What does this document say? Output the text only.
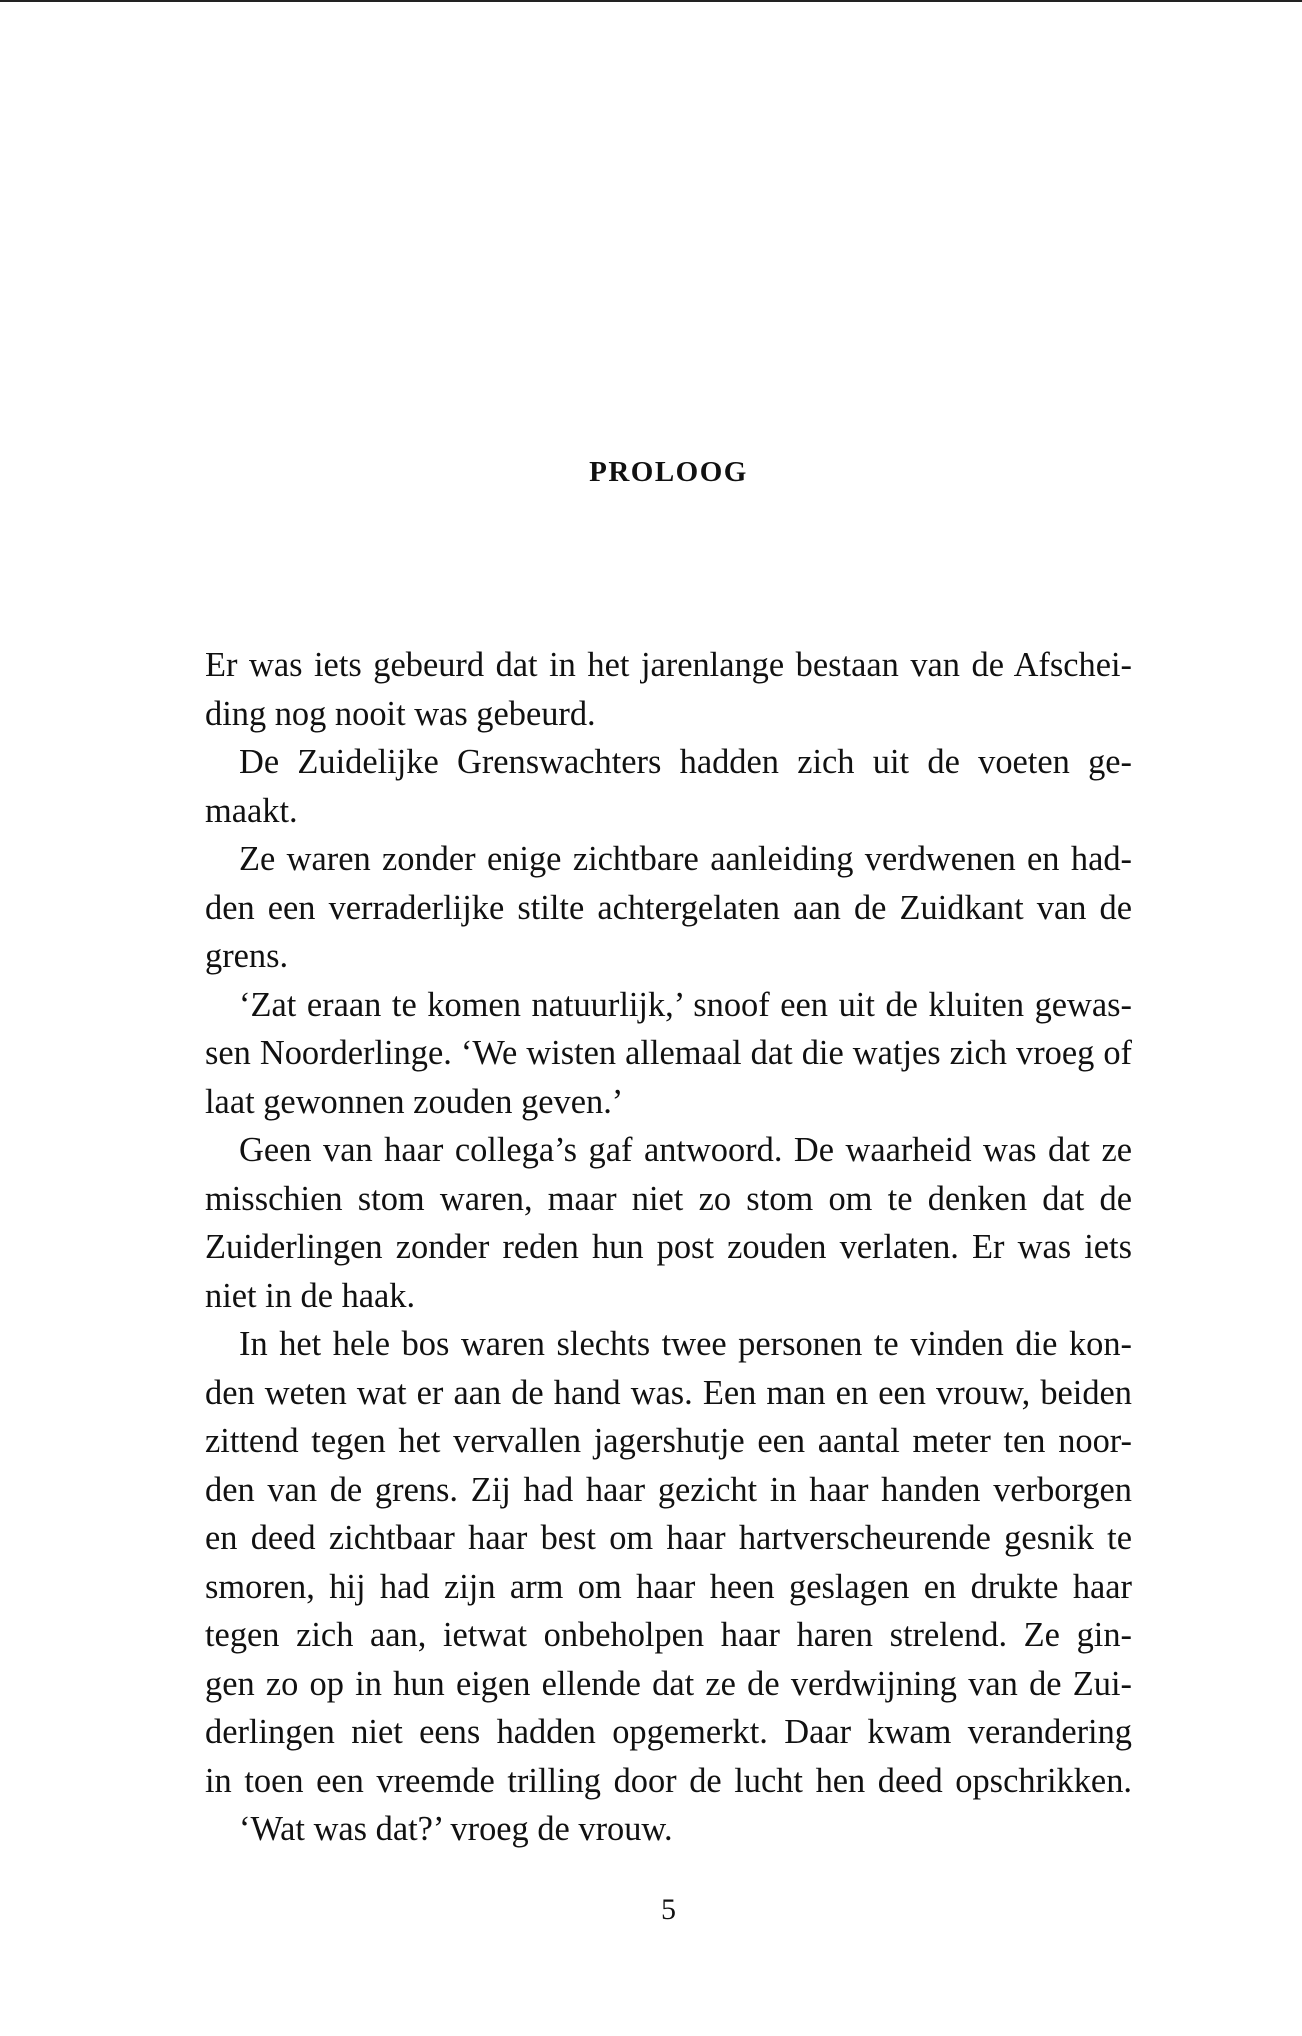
PROLOOG
Er was iets gebeurd dat in het jarenlange bestaan van de Afschei-
ding nog nooit was gebeurd.
De Zuidelijke Grenswachters hadden zich uit de voeten ge-
maakt.
Ze waren zonder enige zichtbare aanleiding verdwenen en had-
den een verraderlijke stilte achtergelaten aan de Zuidkant van de
grens.
‘Zat eraan te komen natuurlijk,’ snoof een uit de kluiten gewas-
sen Noorderlinge. ‘We wisten allemaal dat die watjes zich vroeg of
laat gewonnen zouden geven.’
Geen van haar collega’s gaf antwoord. De waarheid was dat ze
misschien stom waren, maar niet zo stom om te denken dat de
Zuiderlingen zonder reden hun post zouden verlaten. Er was iets
niet in de haak.
In het hele bos waren slechts twee personen te vinden die kon-
den weten wat er aan de hand was. Een man en een vrouw, beiden
zittend tegen het vervallen jagershutje een aantal meter ten noor-
den van de grens. Zij had haar gezicht in haar handen verborgen
en deed zichtbaar haar best om haar hartverscheurende gesnik te
smoren, hij had zijn arm om haar heen geslagen en drukte haar
tegen zich aan, ietwat onbeholpen haar haren strelend. Ze gin-
gen zo op in hun eigen ellende dat ze de verdwijning van de Zui-
derlingen niet eens hadden opgemerkt. Daar kwam verandering
in toen een vreemde trilling door de lucht hen deed opschrikken.
‘Wat was dat?’ vroeg de vrouw.
5
